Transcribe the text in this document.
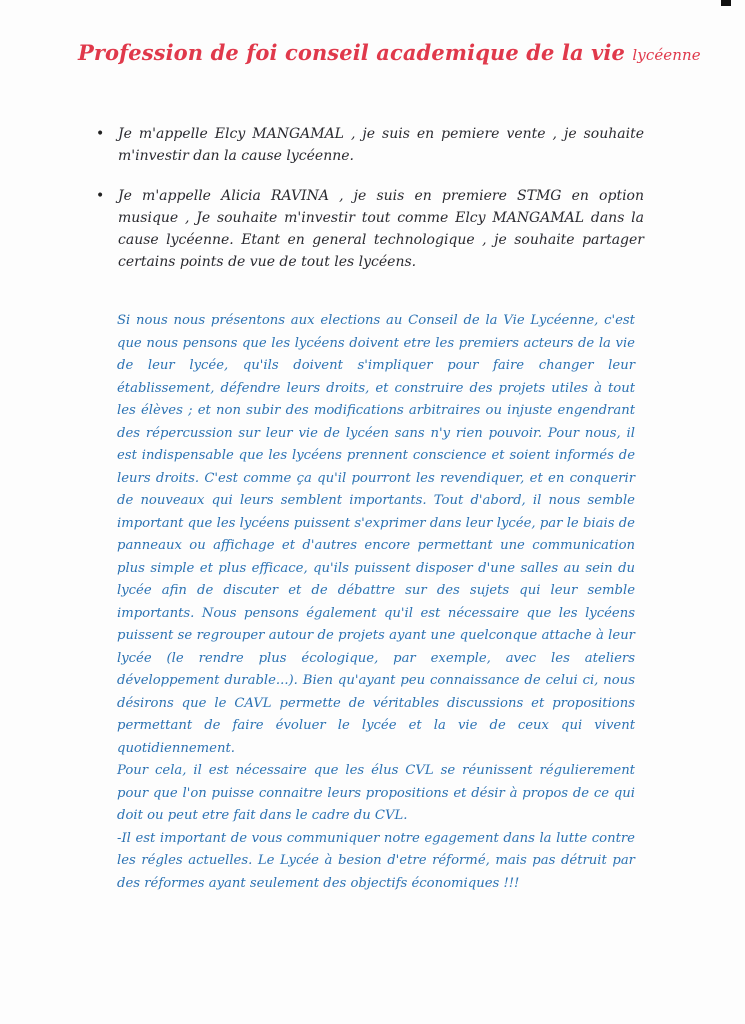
Profession de foi conseil academique de la vie lycéenne
• Je m'appelle Elcy MANGAMAL , je suis en pemiere vente , je souhaite m'investir dan la cause lycéenne.
• Je m'appelle Alicia RAVINA , je suis en premiere STMG en option musique , Je souhaite m'investir tout comme Elcy MANGAMAL dans la cause lycéenne. Etant en general technologique , je souhaite partager certains points de vue de tout les lycéens.

Si nous nous présentons aux elections au Conseil de la Vie Lycéenne, c'est que nous pensons que les lycéens doivent etre les premiers acteurs de la vie de leur lycée, qu'ils doivent s'impliquer pour faire changer leur établissement, défendre leurs droits, et construire des projets utiles à tout les élèves ; et non subir des modifications arbitraires ou injuste engendrant des répercussion sur leur vie de lycéen sans n'y rien pouvoir. Pour nous, il est indispensable que les lycéens prennent conscience et soient informés de leurs droits. C'est comme ça qu'il pourront les revendiquer, et en conquerir de nouveaux qui leurs semblent importants. Tout d'abord, il nous semble important que les lycéens puissent s'exprimer dans leur lycée, par le biais de panneaux ou affichage et d'autres encore permettant une communication plus simple et plus efficace, qu'ils puissent disposer d'une salles au sein du lycée afin de discuter et de débattre sur des sujets qui leur semble importants. Nous pensons également qu'il est nécessaire que les lycéens puissent se regrouper autour de projets ayant une quelconque attache à leur lycée (le rendre plus écologique, par exemple, avec les ateliers développement durable...). Bien qu'ayant peu connaissance de celui ci, nous désirons que le CAVL permette de véritables discussions et propositions permettant de faire évoluer le lycée et la vie de ceux qui vivent quotidiennement.

Pour cela, il est nécessaire que les élus CVL se réunissent régulierement pour que l'on puisse connaitre leurs propositions et désir à propos de ce qui doit ou peut etre fait dans le cadre du CVL.

-Il est important de vous communiquer notre egagement dans la lutte contre les régles actuelles. Le Lycée à besion d'etre réformé, mais pas détruit par des réformes ayant seulement des objectifs économiques !!!
